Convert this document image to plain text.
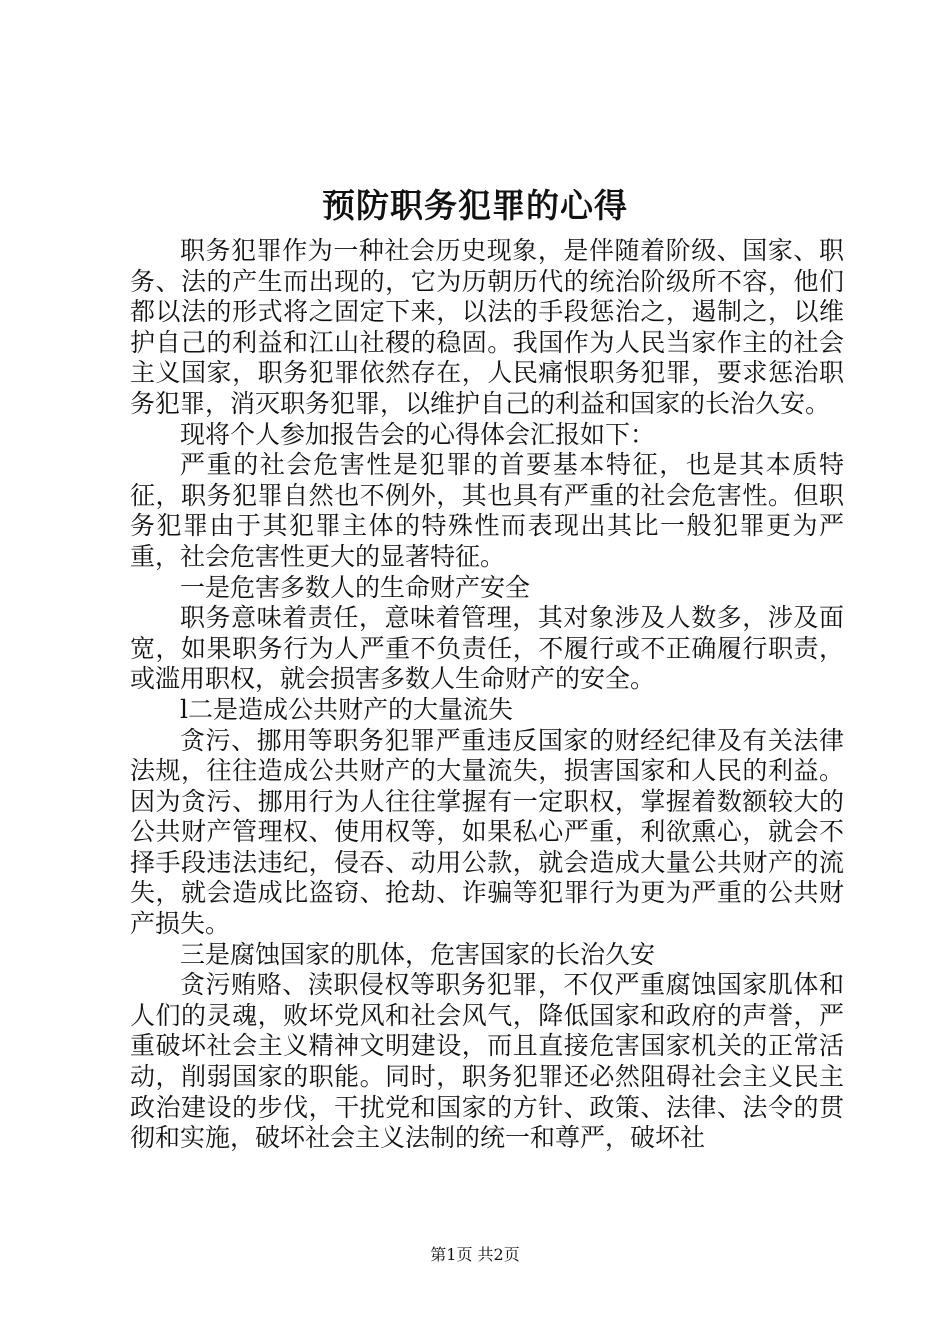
预防职务犯罪的心得

职务犯罪作为一种社会历史现象，是伴随着阶级、国家、职务、法的产生而出现的，它为历朝历代的统治阶级所不容，他们都以法的形式将之固定下来，以法的手段惩治之，遏制之，以维护自己的利益和江山社稷的稳固。我国作为人民当家作主的社会主义国家，职务犯罪依然存在，人民痛恨职务犯罪，要求惩治职务犯罪，消灭职务犯罪，以维护自己的利益和国家的长治久安。

现将个人参加报告会的心得体会汇报如下：

严重的社会危害性是犯罪的首要基本特征，也是其本质特征，职务犯罪自然也不例外，其也具有严重的社会危害性。但职务犯罪由于其犯罪主体的特殊性而表现出其比一般犯罪更为严重，社会危害性更大的显著特征。

一是危害多数人的生命财产安全

职务意味着责任，意味着管理，其对象涉及人数多，涉及面宽，如果职务行为人严重不负责任，不履行或不正确履行职责，或滥用职权，就会损害多数人生命财产的安全。

l二是造成公共财产的大量流失

贪污、挪用等职务犯罪严重违反国家的财经纪律及有关法律法规，往往造成公共财产的大量流失，损害国家和人民的利益。因为贪污、挪用行为人往往掌握有一定职权，掌握着数额较大的公共财产管理权、使用权等，如果私心严重，利欲熏心，就会不择手段违法违纪，侵吞、动用公款，就会造成大量公共财产的流失，就会造成比盗窃、抢劫、诈骗等犯罪行为更为严重的公共财产损失。

三是腐蚀国家的肌体，危害国家的长治久安

贪污贿赂、渎职侵权等职务犯罪，不仅严重腐蚀国家肌体和人们的灵魂，败坏党风和社会风气，降低国家和政府的声誉，严重破坏社会主义精神文明建设，而且直接危害国家机关的正常活动，削弱国家的职能。同时，职务犯罪还必然阻碍社会主义民主政治建设的步伐，干扰党和国家的方针、政策、法律、法令的贯彻和实施，破坏社会主义法制的统一和尊严，破坏社

第1页 共2页
